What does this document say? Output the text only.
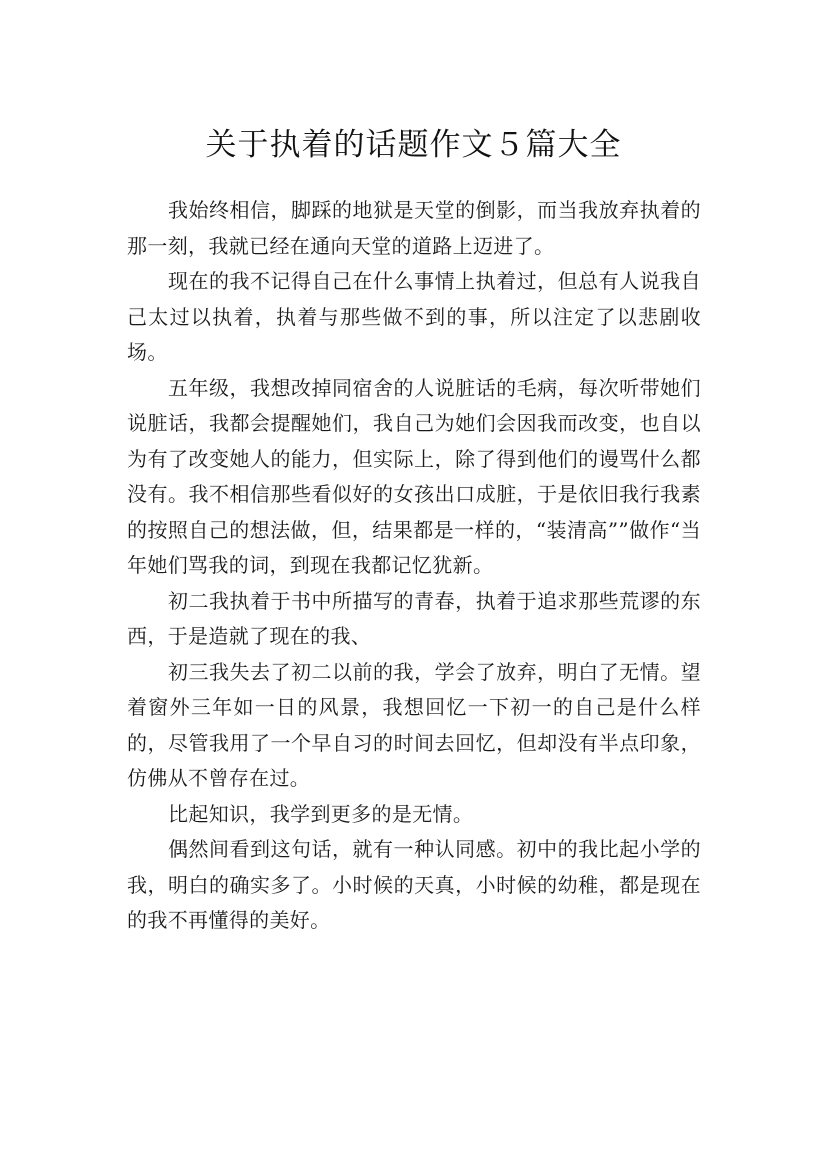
关于执着的话题作文５篇大全

我始终相信，脚踩的地狱是天堂的倒影，而当我放弃执着的那一刻，我就已经在通向天堂的道路上迈进了。

现在的我不记得自己在什么事情上执着过，但总有人说我自己太过以执着，执着与那些做不到的事，所以注定了以悲剧收场。

五年级，我想改掉同宿舍的人说脏话的毛病，每次听带她们说脏话，我都会提醒她们，我自己为她们会因我而改变，也自以为有了改变她人的能力，但实际上，除了得到他们的谩骂什么都没有。我不相信那些看似好的女孩出口成脏，于是依旧我行我素的按照自己的想法做，但，结果都是一样的，“装清高””做作“当年她们骂我的词，到现在我都记忆犹新。

初二我执着于书中所描写的青春，执着于追求那些荒谬的东西，于是造就了现在的我、

初三我失去了初二以前的我，学会了放弃，明白了无情。望着窗外三年如一日的风景，我想回忆一下初一的自己是什么样的，尽管我用了一个早自习的时间去回忆，但却没有半点印象，仿佛从不曾存在过。

比起知识，我学到更多的是无情。

偶然间看到这句话，就有一种认同感。初中的我比起小学的我，明白的确实多了。小时候的天真，小时候的幼稚，都是现在的我不再懂得的美好。
